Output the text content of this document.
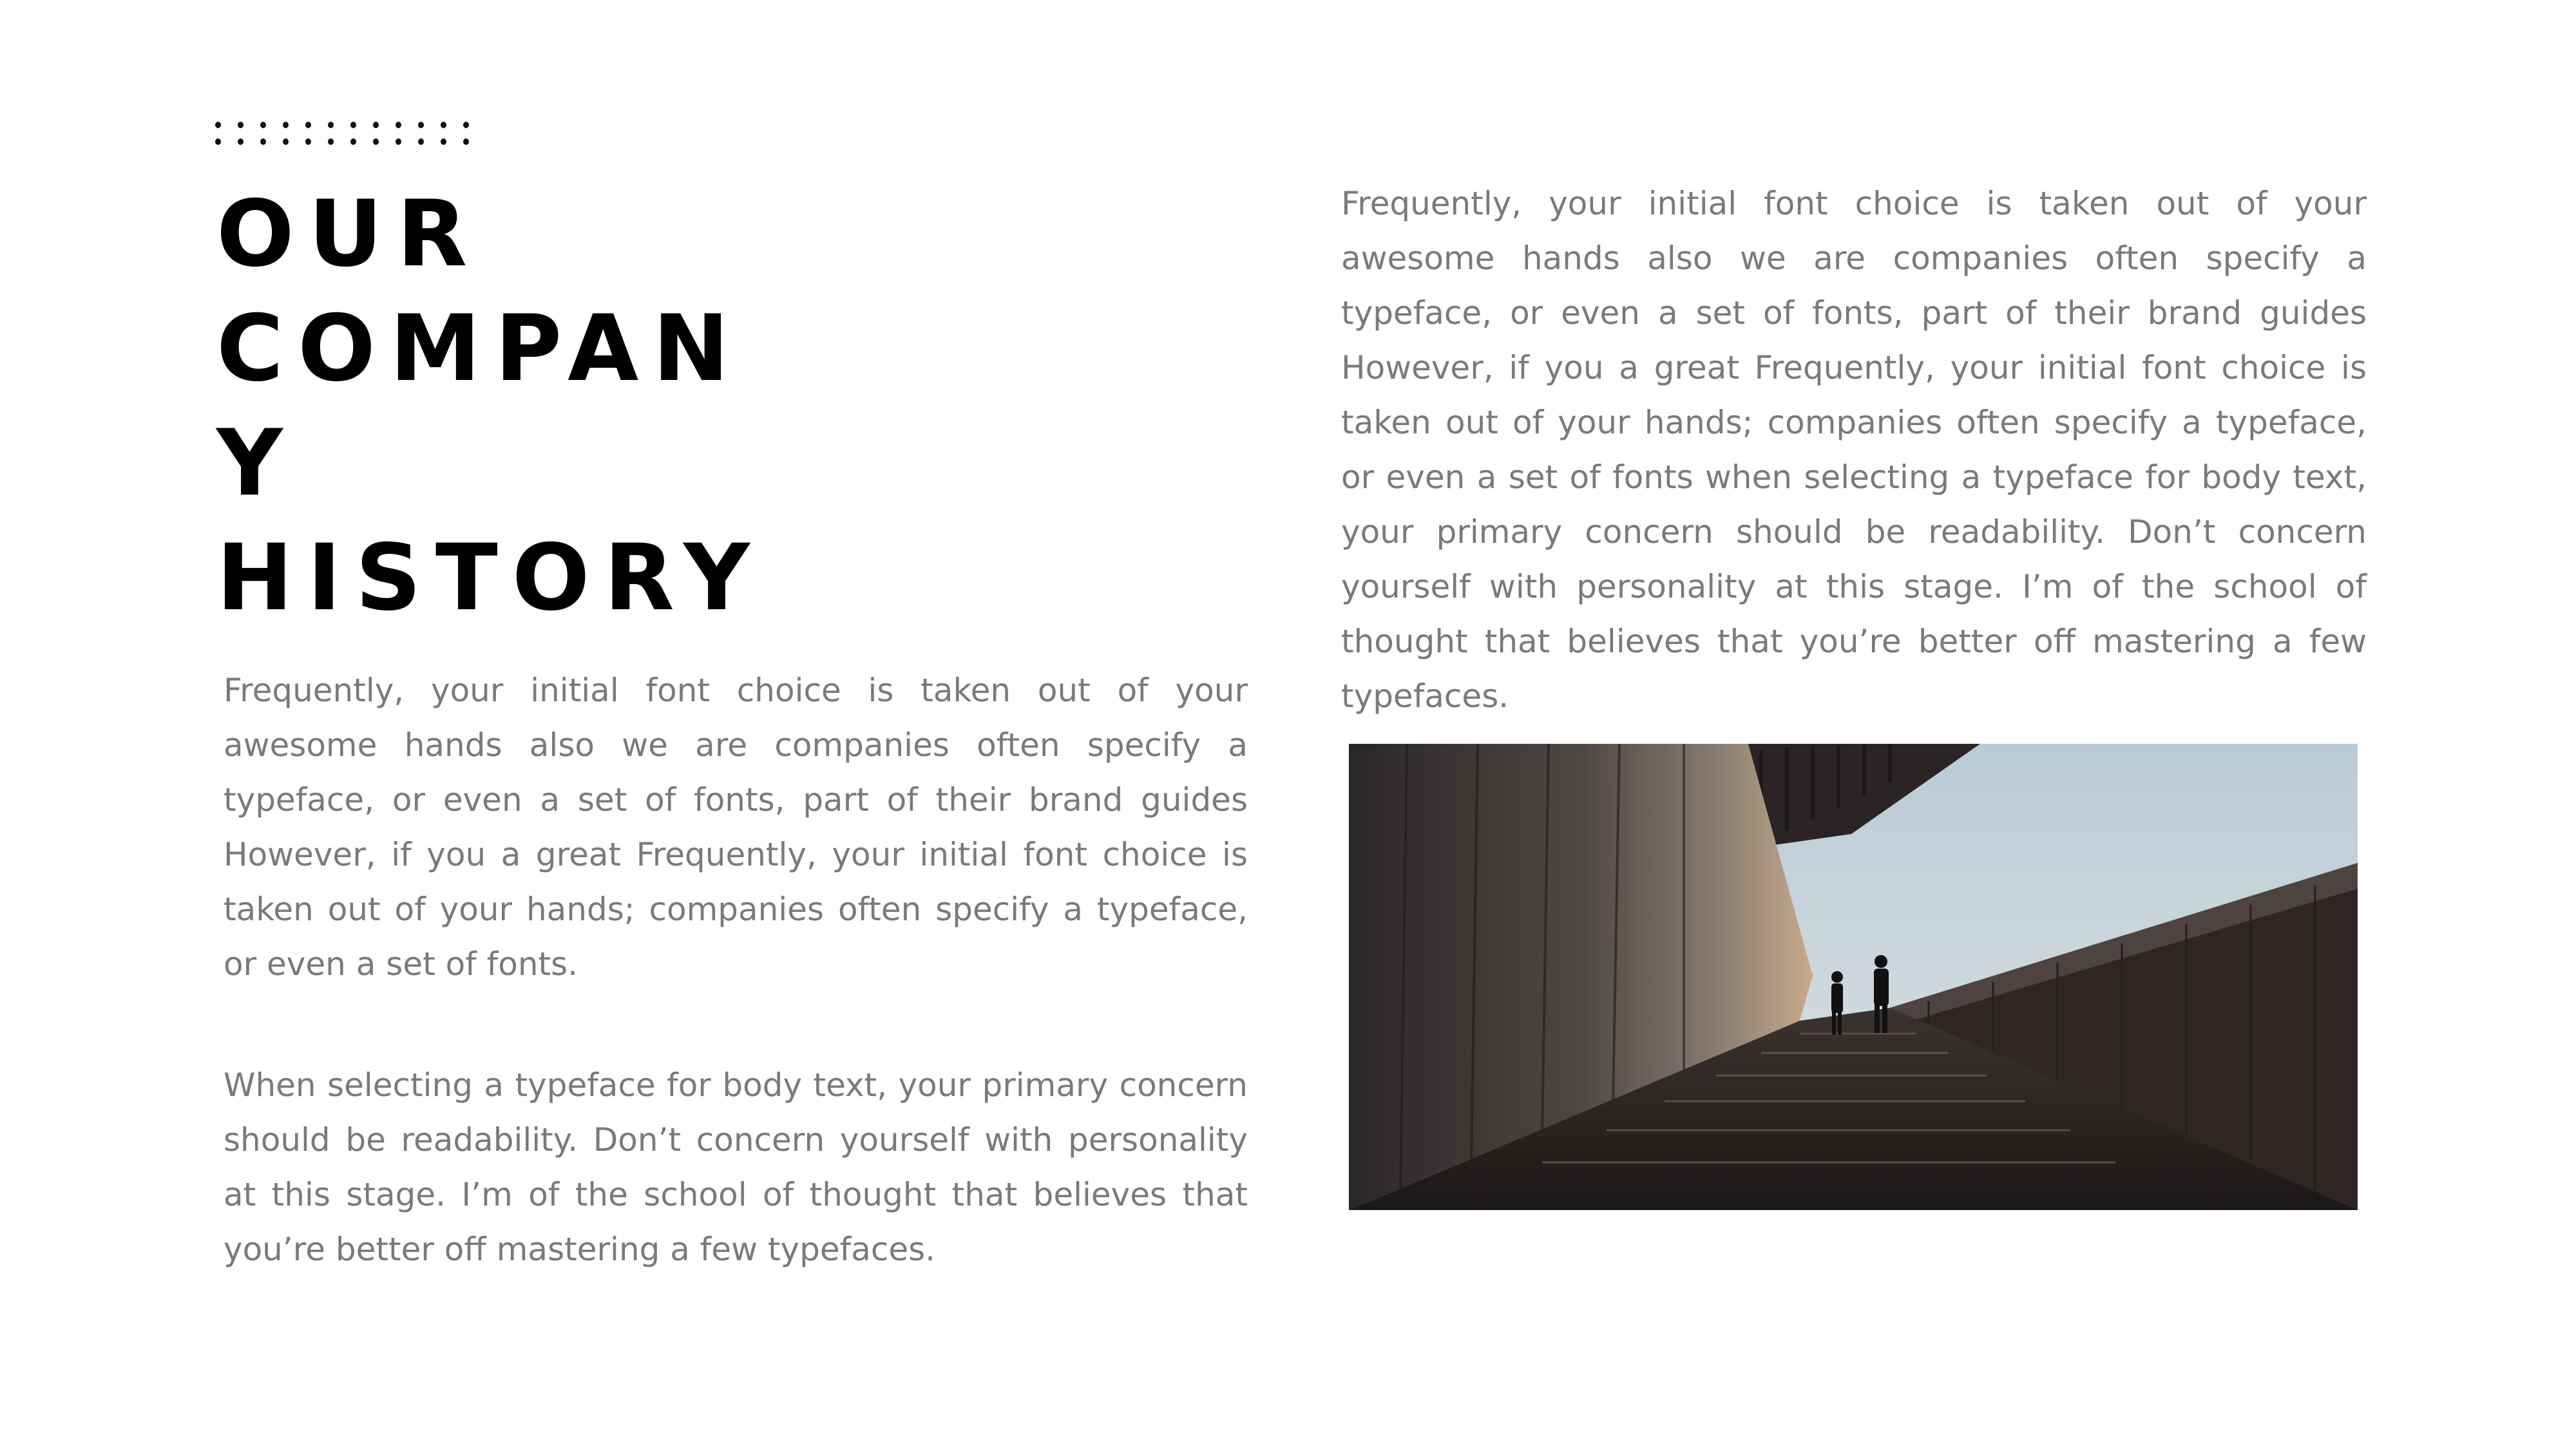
OUR
COMPAN
Y
HISTORY

Frequently, your initial font choice is taken out of your awesome hands also we are companies often specify a typeface, or even a set of fonts, part of their brand guides However, if you a great Frequently, your initial font choice is taken out of your hands; companies often specify a typeface, or even a set of fonts.

When selecting a typeface for body text, your primary concern should be readability. Don’t concern yourself with personality at this stage. I’m of the school of thought that believes that you’re better off mastering a few typefaces.

Frequently, your initial font choice is taken out of your awesome hands also we are companies often specify a typeface, or even a set of fonts, part of their brand guides However, if you a great Frequently, your initial font choice is taken out of your hands; companies often specify a typeface, or even a set of fonts when selecting a typeface for body text, your primary concern should be readability. Don’t concern yourself with personality at this stage. I’m of the school of thought that believes that you’re better off mastering a few typefaces.
